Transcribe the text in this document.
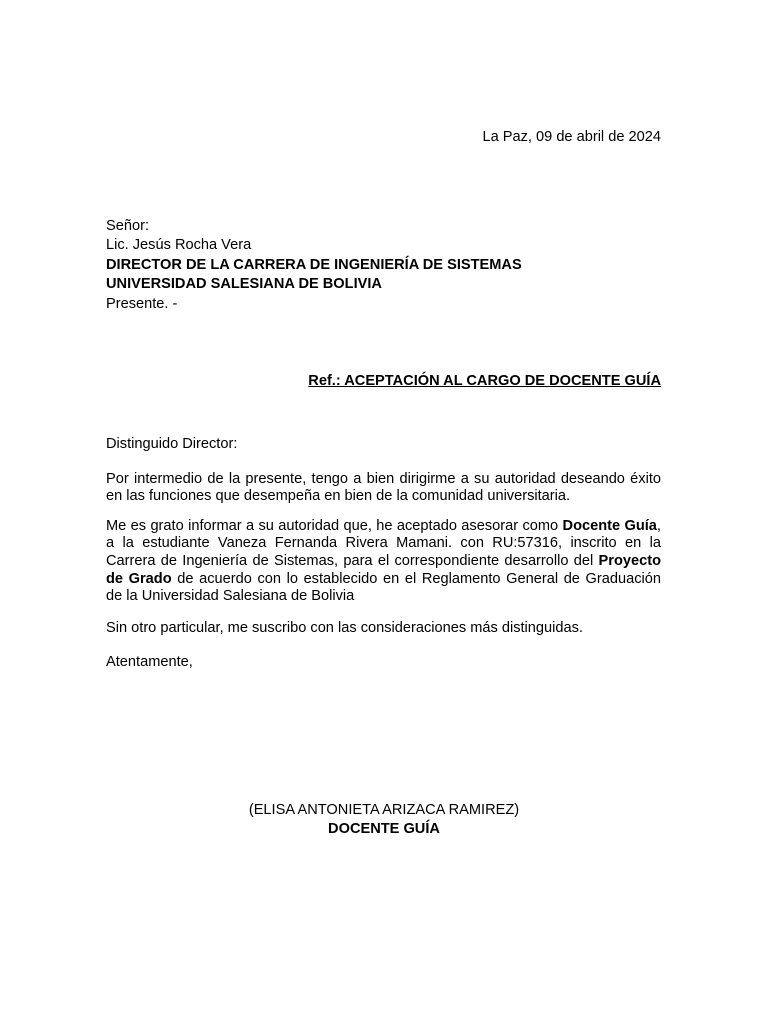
La Paz, 09 de abril de 2024
Señor:
Lic. Jesús Rocha Vera
DIRECTOR DE LA CARRERA DE INGENIERÍA DE SISTEMAS
UNIVERSIDAD SALESIANA DE BOLIVIA
Presente. -
Ref.: ACEPTACIÓN AL CARGO DE DOCENTE GUÍA

Distinguido Director:

Por intermedio de la presente, tengo a bien dirigirme a su autoridad deseando éxito en las funciones que desempeña en bien de la comunidad universitaria.

Me es grato informar a su autoridad que, he aceptado asesorar como Docente Guía, a la estudiante Vaneza Fernanda Rivera Mamani. con RU:57316, inscrito en la Carrera de Ingeniería de Sistemas, para el correspondiente desarrollo del Proyecto de Grado de acuerdo con lo establecido en el Reglamento General de Graduación de la Universidad Salesiana de Bolivia

Sin otro particular, me suscribo con las consideraciones más distinguidas.

Atentamente,

(ELISA ANTONIETA ARIZACA RAMIREZ)
DOCENTE GUÍA
